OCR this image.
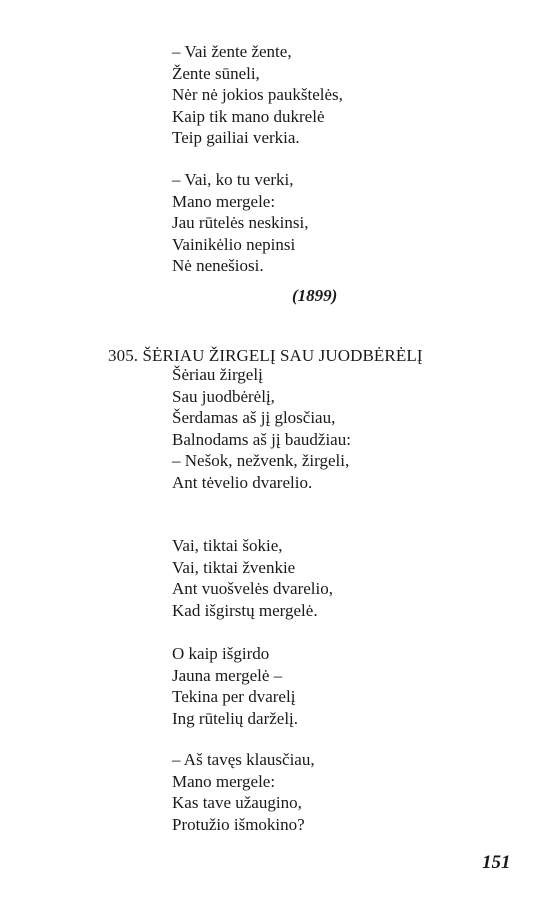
– Vai žente žente,
Žente sūneli,
Nėr nė jokios paukštelės,
Kaip tik mano dukrelė
Teip gailiai verkia.
– Vai, ko tu verki,
Mano mergele:
Jau rūtelės neskinsi,
Vainikėlio nepinsi
Nė nenešiosi.
(1899)
305. ŠĖRIAU ŽIRGELĮ SAU JUODBĖRĖLĮ
Šėriau žirgelį
Sau juodbėrėlį,
Šerdamas aš jį glosčiau,
Balnodams aš jį baudžiau:
– Nešok, nežvenk, žirgeli,
Ant tėvelio dvarelio.
Vai, tiktai šokie,
Vai, tiktai žvenkie
Ant vuošvelės dvarelio,
Kad išgirstų mergelė.
O kaip išgirdo
Jauna mergelė –
Tekina per dvarelį
Ing rūtelių darželį.
– Aš tavęs klausčiau,
Mano mergele:
Kas tave užaugino,
Protužio išmokino?
151
